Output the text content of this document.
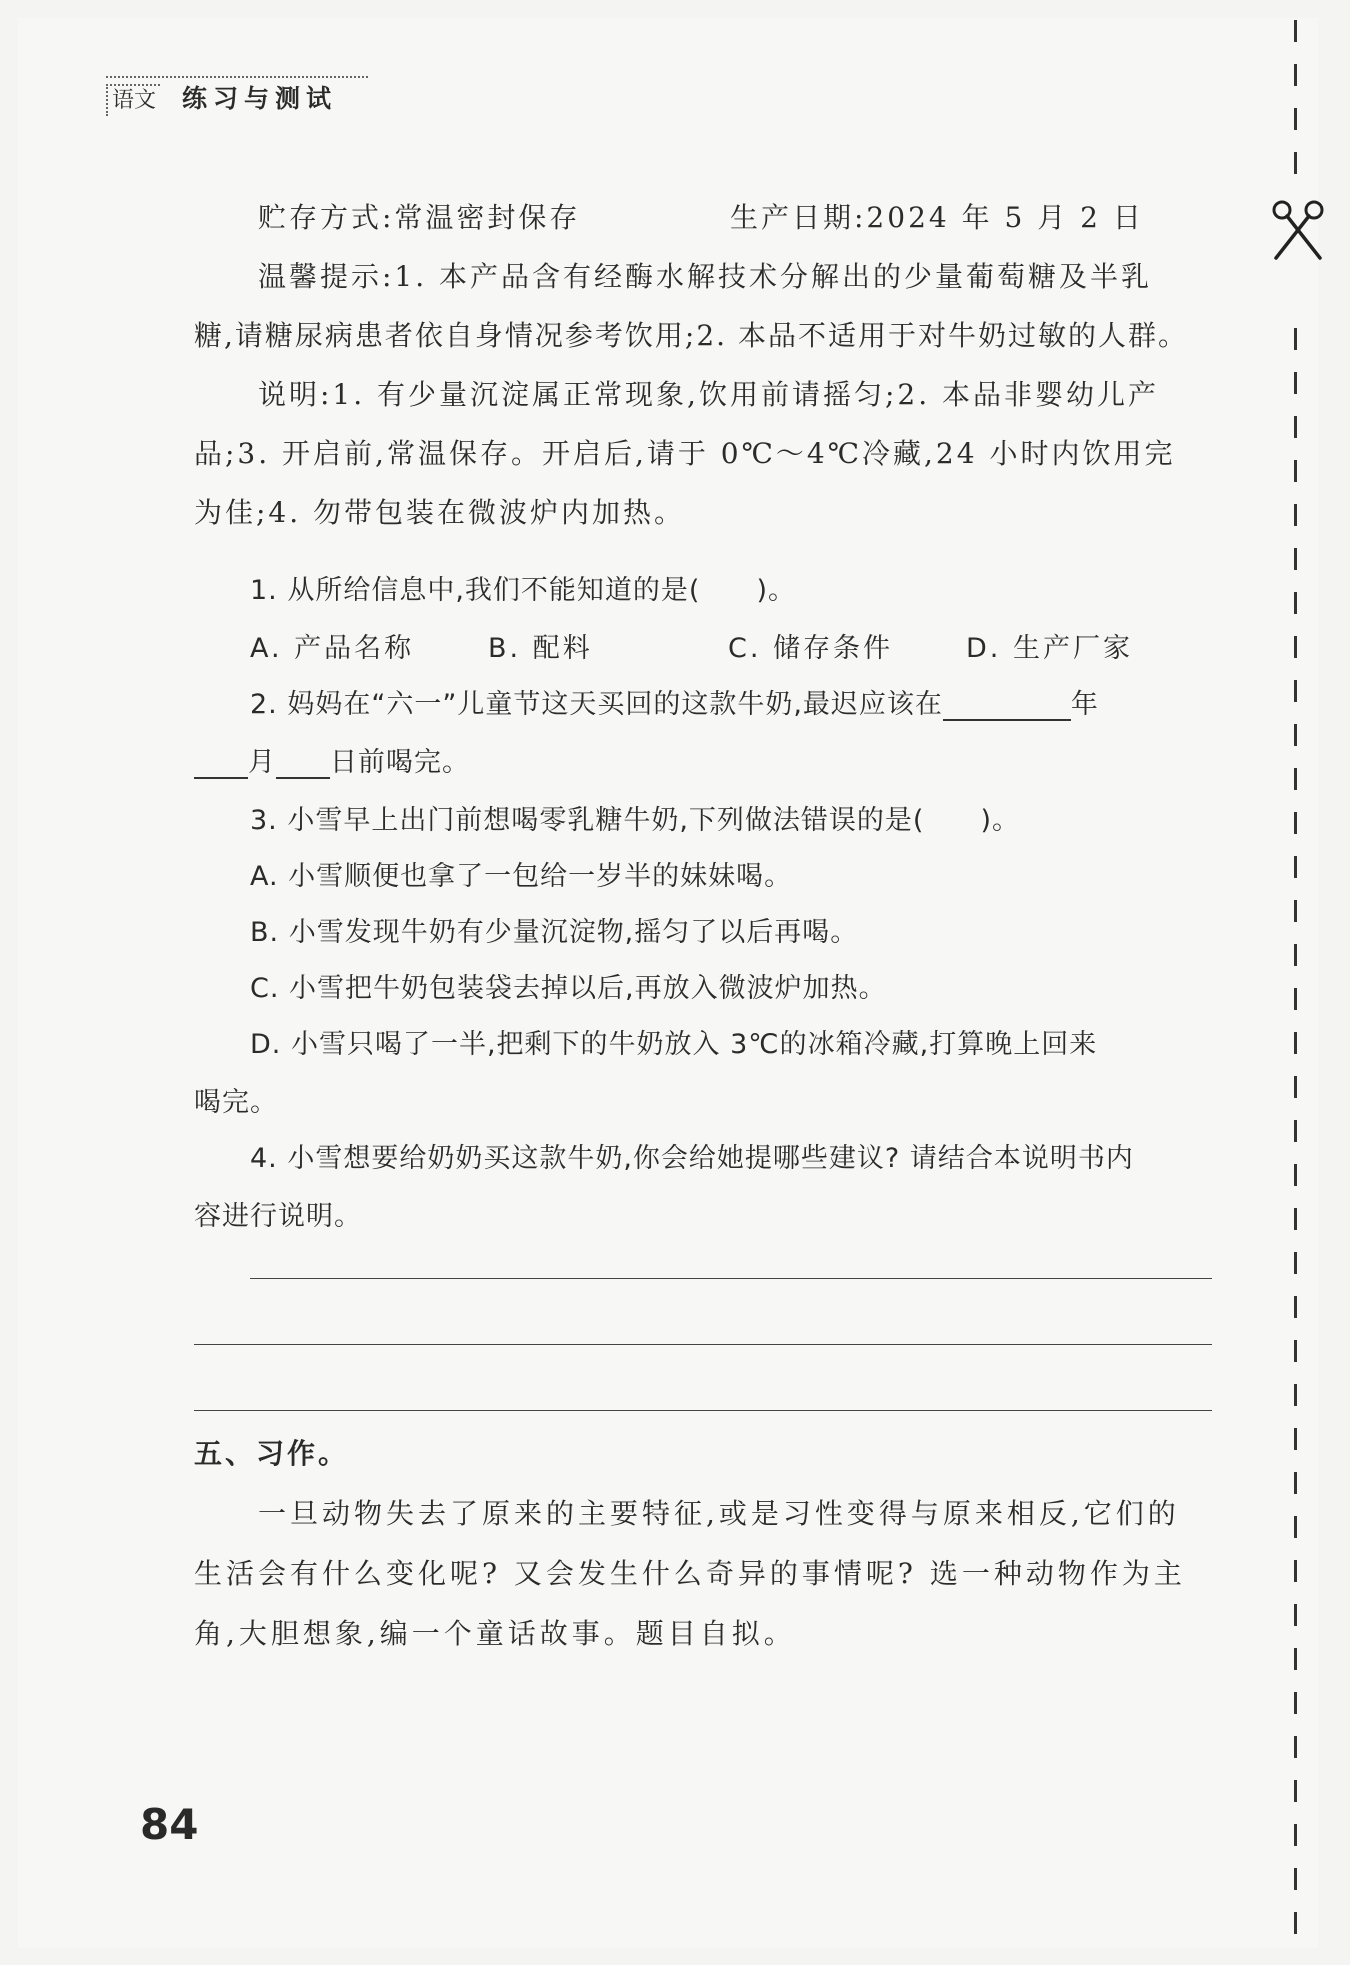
语文 练习与测试
贮存方式:常温密封保存	生产日期:2024 年 5 月 2 日
温馨提示:1. 本产品含有经酶水解技术分解出的少量葡萄糖及半乳
糖,请糖尿病患者依自身情况参考饮用;2. 本品不适用于对牛奶过敏的人群。
说明:1. 有少量沉淀属正常现象,饮用前请摇匀;2. 本品非婴幼儿产
品;3. 开启前,常温保存。开启后,请于 0℃～4℃冷藏,24 小时内饮用完
为佳;4. 勿带包装在微波炉内加热。
1. 从所给信息中,我们不能知道的是(　　)。
A. 产品名称	B. 配料	C. 储存条件	D. 生产厂家
2. 妈妈在“六一”儿童节这天买回的这款牛奶,最迟应该在	年
月 日前喝完。
3. 小雪早上出门前想喝零乳糖牛奶,下列做法错误的是(　　)。
A. 小雪顺便也拿了一包给一岁半的妹妹喝。
B. 小雪发现牛奶有少量沉淀物,摇匀了以后再喝。
C. 小雪把牛奶包装袋去掉以后,再放入微波炉加热。
D. 小雪只喝了一半,把剩下的牛奶放入 3℃的冰箱冷藏,打算晚上回来
喝完。
4. 小雪想要给奶奶买这款牛奶,你会给她提哪些建议? 请结合本说明书内
容进行说明。
五、习作。
一旦动物失去了原来的主要特征,或是习性变得与原来相反,它们的
生活会有什么变化呢? 又会发生什么奇异的事情呢? 选一种动物作为主
角,大胆想象,编一个童话故事。题目自拟。
84
